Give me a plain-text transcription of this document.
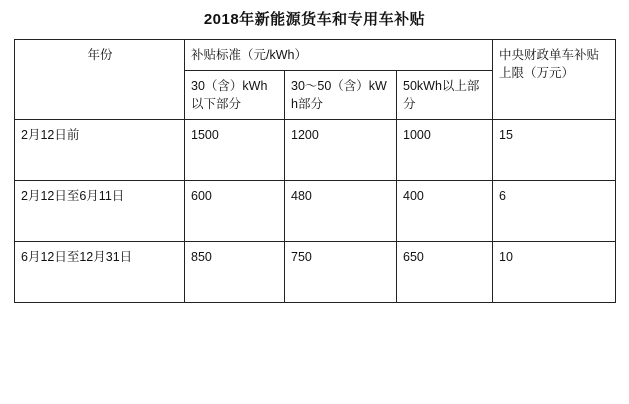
2018年新能源货车和专用车补贴
年份	补贴标准（元/kWh）			中央财政单车补贴上限（万元）
	30（含）kWh以下部分	30～50（含）kWh部分	50kWh以上部分	
2月12日前	1500	1200	1000	15
2月12日至6月11日	600	480	400	6
6月12日至12月31日	850	750	650	10
